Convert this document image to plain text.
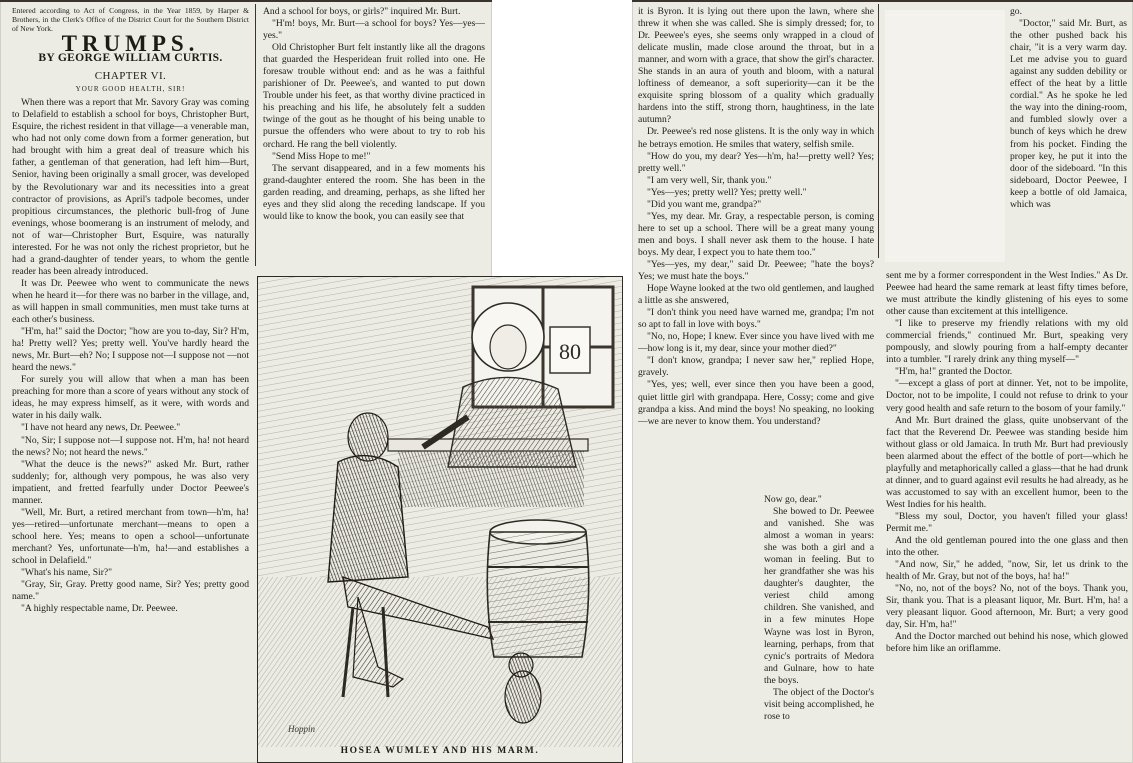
Entered according to Act of Congress, in the Year 1859, by Harper & Brothers, in the Clerk's Office of the District Court for the Southern District of New York.

TRUMPS.
BY GEORGE WILLIAM CURTIS.
CHAPTER VI.
YOUR GOOD HEALTH, SIR!

When there was a report that Mr. Savory Gray was coming to Delafield to establish a school for boys, Christopher Burt, Esquire, the richest resident in that village—a venerable man, who had not only come down from a former generation, but had brought with him a great deal of treasure which his father, a gentleman of that generation, had left him—Burt, Senior, having been originally a small grocer, was developed by the Revolutionary war and its necessities into a great contractor of provisions, as April's tadpole becomes, under propitious circumstances, the plethoric bull-frog of June evenings, whose boomerang is an instrument of melody, and not of war—Christopher Burt, Esquire, was naturally interested. For he was not only the richest proprietor, but he had a grand-daughter of tender years, to whom the gentle reader has been already introduced.

It was Dr. Peewee who went to communicate the news when he heard it—for there was no barber in the village, and, as will happen in small communities, men must take turns at each other's business.

"H'm, ha!" said the Doctor; "how are you to-day, Sir? H'm, ha! Pretty well? Yes; pretty well. You've hardly heard the news, Mr. Burt—eh? No; I suppose not—I suppose not —not heard the news."

For surely you will allow that when a man has been preaching for more than a score of years without any stock of ideas, he may express himself, as it were, with words and water in his daily walk.

"I have not heard any news, Dr. Peewee."

"No, Sir; I suppose not—I suppose not. H'm, ha! not heard the news? No; not heard the news."

"What the deuce is the news?" asked Mr. Burt, rather suddenly; for, although very pompous, he was also very impatient, and fretted fearfully under Doctor Peewee's manner.

"Well, Mr. Burt, a retired merchant from town—h'm, ha! yes—retired—unfortunate merchant—means to open a school here. Yes; means to open a school—unfortunate merchant? Yes, unfortunate—h'm, ha!—and establishes a school in Delafield."

"What's his name, Sir?"

"Gray, Sir, Gray. Pretty good name, Sir? Yes; pretty good name."

"A highly respectable name, Dr. Peewee.

And a school for boys, or girls?" inquired Mr. Burt.

"H'm! boys, Mr. Burt—a school for boys? Yes—yes—yes."

Old Christopher Burt felt instantly like all the dragons that guarded the Hesperidean fruit rolled into one. He foresaw trouble without end: and as he was a faithful parishioner of Dr. Peewee's, and wanted to put down Trouble under his feet, as that worthy divine practiced in his preaching and his life, he absolutely felt a sudden twinge of the gout as he thought of his being unable to pursue the offenders who were about to try to rob his orchard. He rang the bell violently.

"Send Miss Hope to me!"

The servant disappeared, and in a few moments his grand-daughter entered the room. She has been in the garden reading, and dreaming, perhaps, as she lifted her eyes and they slid along the receding landscape. If you would like to know the book, you can easily see that

it is Byron. It is lying out there upon the lawn, where she threw it when she was called. She is simply dressed; for, to Dr. Peewee's eyes, she seems only wrapped in a cloud of delicate muslin, made close around the throat, but in a manner, and worn with a grace, that show the girl's character. She stands in an aura of youth and bloom, with a natural loftiness of demeanor, a soft superiority—can it be the exquisite spring blossom of a quality which gradually hardens into the stiff, strong thorn, haughtiness, in the late autumn?

Dr. Peewee's red nose glistens. It is the only way in which he betrays emotion. He smiles that watery, selfish smile.

"How do you, my dear? Yes—h'm, ha!—pretty well? Yes; pretty well."

"I am very well, Sir, thank you."

"Yes—yes; pretty well? Yes; pretty well."

"Did you want me, grandpa?"

"Yes, my dear. Mr. Gray, a respectable person, is coming here to set up a school. There will be a great many young men and boys. I shall never ask them to the house. I hate boys. My dear, I expect you to hate them too."

"Yes—yes, my dear," said Dr. Peewee; "hate the boys? Yes; we must hate the boys."

Hope Wayne looked at the two old gentlemen, and laughed a little as she answered,

"I don't think you need have warned me, grandpa; I'm not so apt to fall in love with boys."

"No, no, Hope; I knew. Ever since you have lived with me—how long is it, my dear, since your mother died?"

"I don't know, grandpa; I never saw her," replied Hope, gravely.

"Yes, yes; well, ever since then you have been a good, quiet little girl with grandpapa. Here, Cossy; come and give grandpa a kiss. And mind the boys! No speaking, no looking—we are never to know them. You understand?

Now go, dear."

She bowed to Dr. Peewee and vanished. She was almost a woman in years: she was both a girl and a woman in feeling. But to her grandfather she was his daughter's daughter, the veriest child among children. She vanished, and in a few minutes Hope Wayne was lost in Byron, learning, perhaps, from that cynic's portraits of Medora and Gulnare, how to hate the boys.

The object of the Doctor's visit being accomplished, he rose to

go.

"Doctor," said Mr. Burt, as the other pushed back his chair, "it is a very warm day. Let me advise you to guard against any sudden debility or effect of the heat by a little cordial." As he spoke he led the way into the dining-room, and fumbled slowly over a bunch of keys which he drew from his pocket. Finding the proper key, he put it into the door of the sideboard. "In this sideboard, Doctor Peewee, I keep a bottle of old Jamaica, which was

sent me by a former correspondent in the West Indies." As Dr. Peewee had heard the same remark at least fifty times before, we must attribute the kindly glistening of his eyes to some other cause than excitement at this intelligence.

"I like to preserve my friendly relations with my old commercial friends," continued Mr. Burt, speaking very pompously, and slowly pouring from a half-empty decanter into a tumbler. "I rarely drink any thing myself—"

"H'm, ha!" granted the Doctor.

"—except a glass of port at dinner. Yet, not to be impolite, Doctor, not to be impolite, I could not refuse to drink to your very good health and safe return to the bosom of your family."

And Mr. Burt drained the glass, quite unobservant of the fact that the Reverend Dr. Peewee was standing beside him without glass or old Jamaica. In truth Mr. Burt had previously been alarmed about the effect of the bottle of port—which he playfully and metaphorically called a glass—that he had drunk at dinner, and to guard against evil results he had already, as he was accustomed to say with an excellent humor, been to the West Indies for his health.

"Bless my soul, Doctor, you haven't filled your glass! Permit me."

And the old gentleman poured into the one glass and then into the other.

"And now, Sir," he added, "now, Sir, let us drink to the health of Mr. Gray, but not of the boys, ha! ha!"

"No, no, not of the boys? No, not of the boys. Thank you, Sir, thank you. That is a pleasant liquor, Mr. Burt. H'm, ha! a very pleasant liquor. Good afternoon, Mr. Burt; a very good day, Sir. H'm, ha!"

And the Doctor marched out behind his nose, which glowed before him like an oriflamme.

80
Hoppin
HOSEA WUMLEY AND HIS MARM.
